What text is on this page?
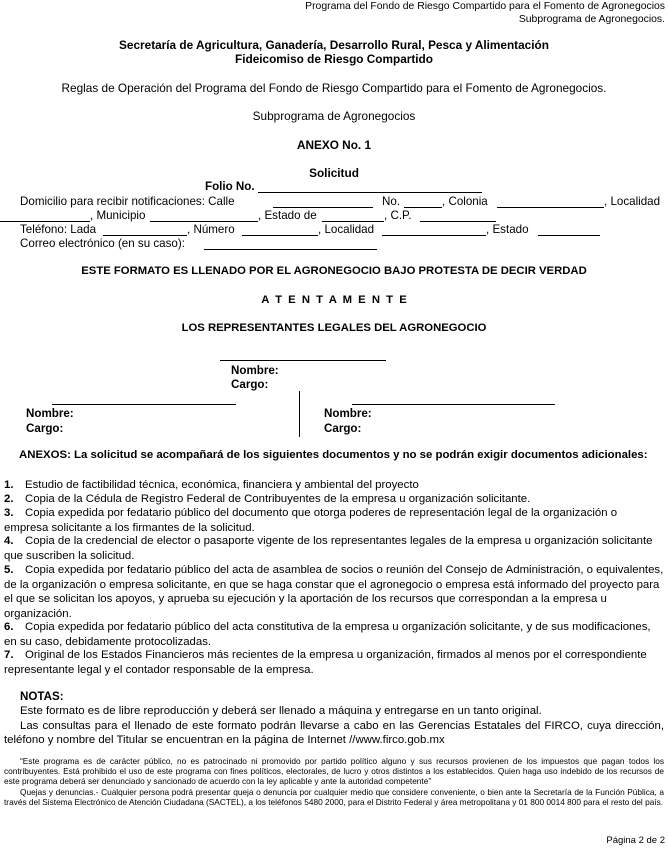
Programa del Fondo de Riesgo Compartido para el Fomento de Agronegocios
Subprograma de Agronegocios.
Secretaría de Agricultura, Ganadería, Desarrollo Rural, Pesca y Alimentación
Fideicomiso de Riesgo Compartido
Reglas de Operación del Programa del Fondo de Riesgo Compartido para el Fomento de Agronegocios.
Subprograma de Agronegocios
ANEXO No. 1
Solicitud
Folio No.
Domicilio para recibir notificaciones: Calle	No.	, Colonia	, Localidad
, Municipio	, Estado de	, C.P.
Teléfono: Lada	, Número	, Localidad	, Estado
Correo electrónico (en su caso):
ESTE FORMATO ES LLENADO POR EL AGRONEGOCIO BAJO PROTESTA DE DECIR VERDAD
A T E N T A M E N T E
LOS REPRESENTANTES LEGALES DEL AGRONEGOCIO
Nombre:
Cargo:
Nombre:
Cargo:
Nombre:
Cargo:
ANEXOS: La solicitud se acompañará de los siguientes documentos y no se podrán exigir documentos adicionales:
1. Estudio de factibilidad técnica, económica, financiera y ambiental del proyecto
2. Copia de la Cédula de Registro Federal de Contribuyentes de la empresa u organización solicitante.
3. Copia expedida por fedatario público del documento que otorga poderes de representación legal de la organización o empresa solicitante a los firmantes de la solicitud.
4. Copia de la credencial de elector o pasaporte vigente de los representantes legales de la empresa u organización solicitante que suscriben la solicitud.
5. Copia expedida por fedatario público del acta de asamblea de socios o reunión del Consejo de Administración, o equivalentes, de la organización o empresa solicitante, en que se haga constar que el agronegocio o empresa está informado del proyecto para el que se solicitan los apoyos, y aprueba su ejecución y la aportación de los recursos que correspondan a la empresa u organización.
6. Copia expedida por fedatario público del acta constitutiva de la empresa u organización solicitante, y de sus modificaciones, en su caso, debidamente protocolizadas.
7. Original de los Estados Financieros más recientes de la empresa u organización, firmados al menos por el correspondiente representante legal y el contador responsable de la empresa.
NOTAS:
Este formato es de libre reproducción y deberá ser llenado a máquina y entregarse en un tanto original.
Las consultas para el llenado de este formato podrán llevarse a cabo en las Gerencias Estatales del FIRCO, cuya dirección, teléfono y nombre del Titular se encuentran en la página de Internet //www.firco.gob.mx
“Este programa es de carácter público, no es patrocinado ni promovido por partido político alguno y sus recursos provienen de los impuestos que pagan todos los contribuyentes. Está prohibido el uso de este programa con fines políticos, electorales, de lucro y otros distintos a los establecidos. Quien haga uso indebido de los recursos de este programa deberá ser denunciado y sancionado de acuerdo con la ley aplicable y ante la autoridad competente”
Quejas y denuncias.- Cualquier persona podrá presentar queja o denuncia por cualquier medio que considere conveniente, o bien ante la Secretaría de la Función Pública, a través del Sistema Electrónico de Atención Ciudadana (SACTEL), a los teléfonos 5480 2000, para el Distrito Federal y área metropolitana y 01 800 0014 800 para el resto del país.
Página 2 de 2
